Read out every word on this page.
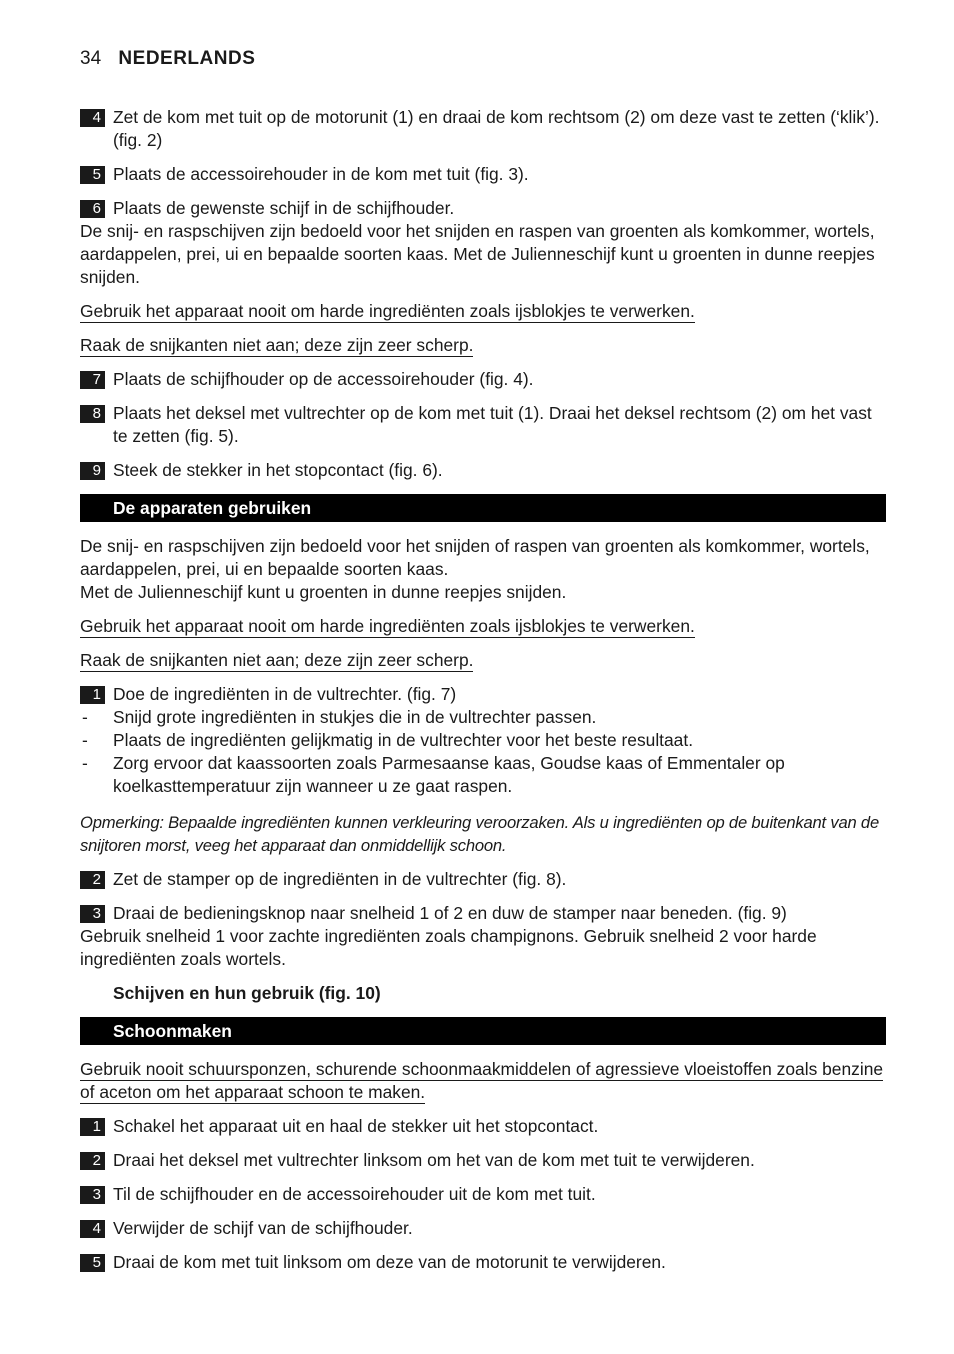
34 NEDERLANDS
4 Zet de kom met tuit op de motorunit (1) en draai de kom rechtsom (2) om deze vast te zetten (‘klik’). (fig. 2)
5 Plaats de accessoirehouder in de kom met tuit (fig. 3).
6 Plaats de gewenste schijf in de schijfhouder.
De snij- en raspschijven zijn bedoeld voor het snijden en raspen van groenten als komkommer, wortels, aardappelen, prei, ui en bepaalde soorten kaas. Met de Julienneschijf kunt u groenten in dunne reepjes snijden.
Gebruik het apparaat nooit om harde ingrediënten zoals ijsblokjes te verwerken.
Raak de snijkanten niet aan; deze zijn zeer scherp.
7 Plaats de schijfhouder op de accessoirehouder (fig. 4).
8 Plaats het deksel met vultrechter op de kom met tuit (1). Draai het deksel rechtsom (2) om het vast te zetten (fig. 5).
9 Steek de stekker in het stopcontact (fig. 6).
De apparaten gebruiken
De snij- en raspschijven zijn bedoeld voor het snijden of raspen van groenten als komkommer, wortels, aardappelen, prei, ui en bepaalde soorten kaas.
Met de Julienneschijf kunt u groenten in dunne reepjes snijden.
Gebruik het apparaat nooit om harde ingrediënten zoals ijsblokjes te verwerken.
Raak de snijkanten niet aan; deze zijn zeer scherp.
1 Doe de ingrediënten in de vultrechter. (fig. 7)
- Snijd grote ingrediënten in stukjes die in de vultrechter passen.
- Plaats de ingrediënten gelijkmatig in de vultrechter voor het beste resultaat.
- Zorg ervoor dat kaassoorten zoals Parmesaanse kaas, Goudse kaas of Emmentaler op koelkasttemperatuur zijn wanneer u ze gaat raspen.
Opmerking: Bepaalde ingrediënten kunnen verkleuring veroorzaken. Als u ingrediënten op de buitenkant van de snijtoren morst, veeg het apparaat dan onmiddellijk schoon.
2 Zet de stamper op de ingrediënten in de vultrechter (fig. 8).
3 Draai de bedieningsknop naar snelheid 1 of 2 en duw de stamper naar beneden. (fig. 9)
Gebruik snelheid 1 voor zachte ingrediënten zoals champignons. Gebruik snelheid 2 voor harde ingrediënten zoals wortels.
Schijven en hun gebruik (fig. 10)
Schoonmaken
Gebruik nooit schuursponzen, schurende schoonmaakmiddelen of agressieve vloeistoffen zoals benzine of aceton om het apparaat schoon te maken.
1 Schakel het apparaat uit en haal de stekker uit het stopcontact.
2 Draai het deksel met vultrechter linksom om het van de kom met tuit te verwijderen.
3 Til de schijfhouder en de accessoirehouder uit de kom met tuit.
4 Verwijder de schijf van de schijfhouder.
5 Draai de kom met tuit linksom om deze van de motorunit te verwijderen.
